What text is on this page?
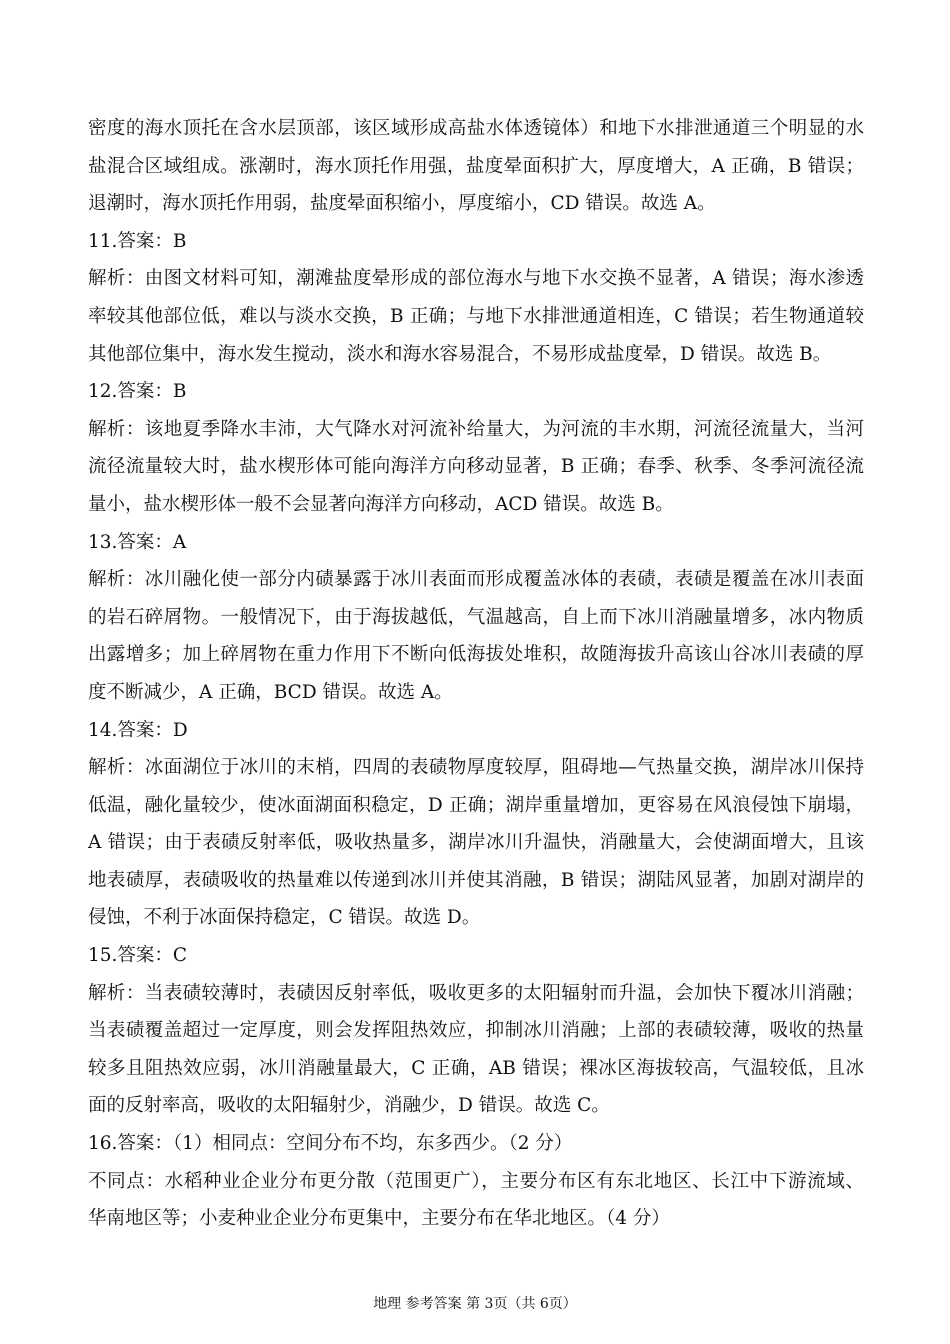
密度的海水顶托在含水层顶部，该区域形成高盐水体透镜体）和地下水排泄通道三个明显的水
盐混合区域组成。涨潮时，海水顶托作用强，盐度晕面积扩大，厚度增大，A 正确，B 错误；
退潮时，海水顶托作用弱，盐度晕面积缩小，厚度缩小，CD 错误。故选 A。
11.答案：B
解析：由图文材料可知，潮滩盐度晕形成的部位海水与地下水交换不显著，A 错误；海水渗透
率较其他部位低，难以与淡水交换，B 正确；与地下水排泄通道相连，C 错误；若生物通道较
其他部位集中，海水发生搅动，淡水和海水容易混合，不易形成盐度晕，D 错误。故选 B。
12.答案：B
解析：该地夏季降水丰沛，大气降水对河流补给量大，为河流的丰水期，河流径流量大，当河
流径流量较大时，盐水楔形体可能向海洋方向移动显著，B 正确；春季、秋季、冬季河流径流
量小，盐水楔形体一般不会显著向海洋方向移动，ACD 错误。故选 B。
13.答案：A
解析：冰川融化使一部分内碛暴露于冰川表面而形成覆盖冰体的表碛，表碛是覆盖在冰川表面
的岩石碎屑物。一般情况下，由于海拔越低，气温越高，自上而下冰川消融量增多，冰内物质
出露增多；加上碎屑物在重力作用下不断向低海拔处堆积，故随海拔升高该山谷冰川表碛的厚
度不断减少，A 正确，BCD 错误。故选 A。
14.答案：D
解析：冰面湖位于冰川的末梢，四周的表碛物厚度较厚，阻碍地—气热量交换，湖岸冰川保持
低温，融化量较少，使冰面湖面积稳定，D 正确；湖岸重量增加，更容易在风浪侵蚀下崩塌，
A 错误；由于表碛反射率低，吸收热量多，湖岸冰川升温快，消融量大，会使湖面增大，且该
地表碛厚，表碛吸收的热量难以传递到冰川并使其消融，B 错误；湖陆风显著，加剧对湖岸的
侵蚀，不利于冰面保持稳定，C 错误。故选 D。
15.答案：C
解析：当表碛较薄时，表碛因反射率低，吸收更多的太阳辐射而升温，会加快下覆冰川消融；
当表碛覆盖超过一定厚度，则会发挥阻热效应，抑制冰川消融；上部的表碛较薄，吸收的热量
较多且阻热效应弱，冰川消融量最大，C 正确，AB 错误；裸冰区海拔较高，气温较低，且冰
面的反射率高，吸收的太阳辐射少，消融少，D 错误。故选 C。
16.答案：（1）相同点：空间分布不均，东多西少。（2 分）
不同点：水稻种业企业分布更分散（范围更广），主要分布区有东北地区、长江中下游流域、
华南地区等；小麦种业企业分布更集中，主要分布在华北地区。（4 分）
地理 参考答案 第 3页（共 6页）
